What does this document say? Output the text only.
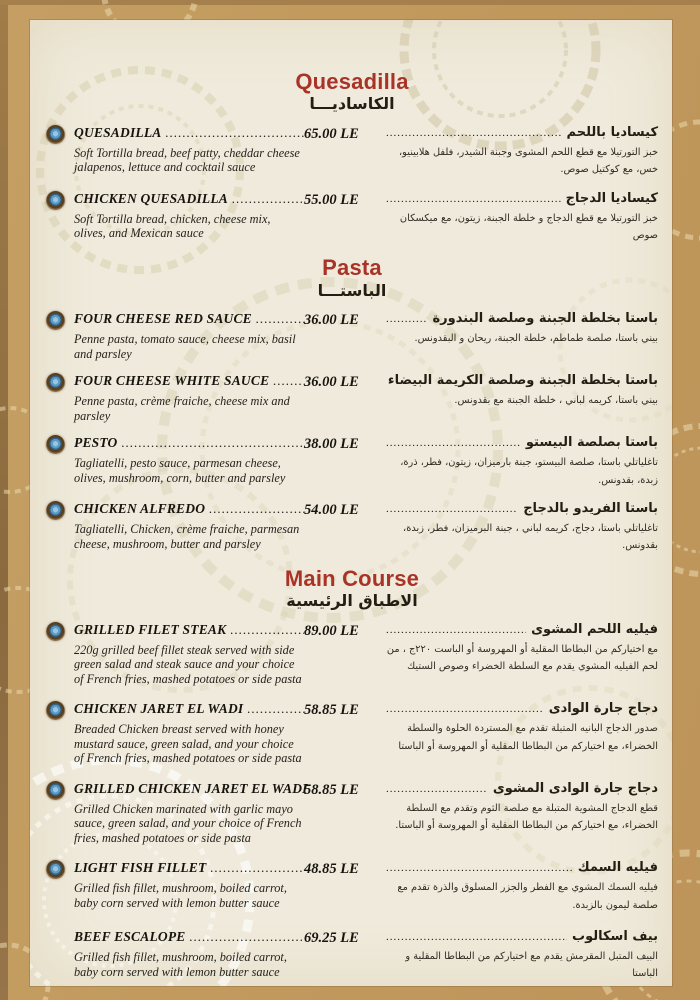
Quesadilla
الكاساديـــا
QUESADILLA
.....
Soft Tortilla bread, beef patty, cheddar cheese jalapenos, lettuce and cocktail sauce
65.00 LE	كيساديا باللحم
.....
خبز التورتيلا مع قطع اللحم المشوى وجبنة الشيدر، فلفل هلابينيو، خس، مع كوكتيل صوص.
CHICKEN QUESADILLA
.....
Soft Tortilla bread, chicken, cheese mix, olives, and Mexican sauce
55.00 LE	كيساديا الدجاج
.....
خبز التورتيلا مع قطع الدجاج و خلطة الجبنة، زيتون، مع ميكسكان صوص
Pasta
الباستـــا
FOUR CHEESE RED SAUCE
.....
Penne pasta, tomato sauce, cheese mix, basil and parsley
36.00 LE	باستا بخلطة الجبنة وصلصة البندورة
.....
بيني باستا، صلصة طماطم، خلطة الجبنة، ريحان و البقدونس.
FOUR CHEESE WHITE SAUCE
.....
Penne pasta, crème fraiche, cheese mix and parsley
36.00 LE	باستا بخلطة الجبنة وصلصة الكريمة البيضاء
بيني باستا، كريمه لباني ، خلطة الجبنة مع بقدونس.
PESTO
.....
Tagliatelli, pesto sauce, parmesan cheese, olives, mushroom, corn, butter and parsley
38.00 LE	باستا بصلصة البيستو
.....
تاغلياتلي باستا، صلصة البيستو، جبنة بارميزان، زيتون، فطر، ذرة، زبدة، بقدونس.
CHICKEN ALFREDO
.....
Tagliatelli, Chicken, crème fraiche, parmesan cheese, mushroom, butter and parsley
54.00 LE	باستا الفريدو بالدجاج
.....
تاغلياتلي باستا، دجاج، كريمه لباني ، جبنة البرميزان، فطر، زبدة، بقدونس.
Main Course
الاطباق الرئيسية
GRILLED FILET STEAK
.....
220g grilled beef fillet steak served with side green salad and steak sauce and your choice of French fries, mashed potatoes or side pasta
89.00 LE	فيليه اللحم المشوى
.....
مع اختياركم من البطاطا المقلية أو المهروسة أو الباست ٢٢٠ج ، من لحم الفيليه المشوي يقدم مع السلطة الخضراء وصوص الستيك
CHICKEN JARET EL WADI
.....
Breaded Chicken breast served with honey mustard sauce, green salad, and your choice of French fries, mashed potatoes or side pasta
58.85 LE	دجاج جارة الوادى
.....
صدور الدجاج البانيه المتبلة تقدم مع المستردة الحلوة والسلطة الخضراء، مع اختياركم من البطاطا المقلية أو المهروسة أو الباستا
GRILLED CHICKEN JARET EL WADI
Grilled Chicken marinated with garlic mayo sauce, green salad, and your choice of French fries, mashed potatoes or side pasta
58.85 LE	دجاج جارة الوادى المشوى
.....
قطع الدجاج المشوية المتبلة مع صلصة الثوم وتقدم مع السلطة الخضراء، مع اختياركم من البطاطا المقلية أو المهروسة أو الباستا.
LIGHT FISH FILLET
.....
Grilled fish fillet, mushroom, boiled carrot, baby corn served with lemon butter sauce
48.85 LE	فيليه السمك
.....
فيليه السمك المشوي مع الفطر والجزر المسلوق والذرة تقدم مع صلصة ليمون بالزبدة.
BEEF ESCALOPE
.....
Grilled fish fillet, mushroom, boiled carrot, baby corn served with lemon butter sauce
69.25 LE	بيف اسكالوب
.....
البيف المتبل المقرمش يقدم مع اختياركم من البطاطا المقلية و الباستا
